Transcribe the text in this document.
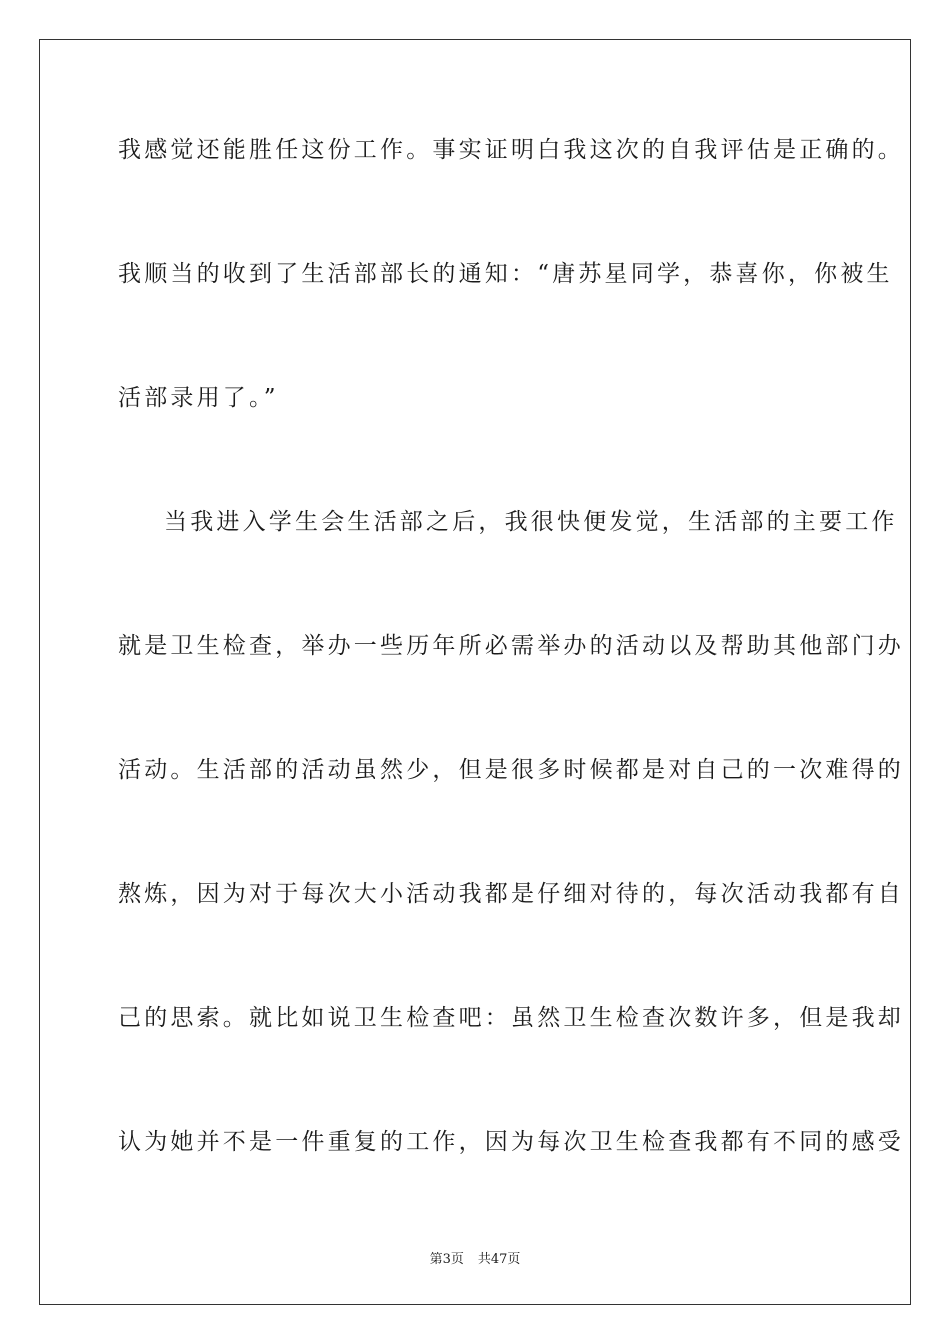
我感觉还能胜任这份工作。事实证明白我这次的自我评估是正确的。
我顺当的收到了生活部部长的通知：“唐苏星同学，恭喜你，你被生
活部录用了。”
当我进入学生会生活部之后，我很快便发觉，生活部的主要工作
就是卫生检查，举办一些历年所必需举办的活动以及帮助其他部门办
活动。生活部的活动虽然少，但是很多时候都是对自己的一次难得的
熬炼，因为对于每次大小活动我都是仔细对待的，每次活动我都有自
己的思索。就比如说卫生检查吧：虽然卫生检查次数许多，但是我却
认为她并不是一件重复的工作，因为每次卫生检查我都有不同的感受
第3页 共47页
